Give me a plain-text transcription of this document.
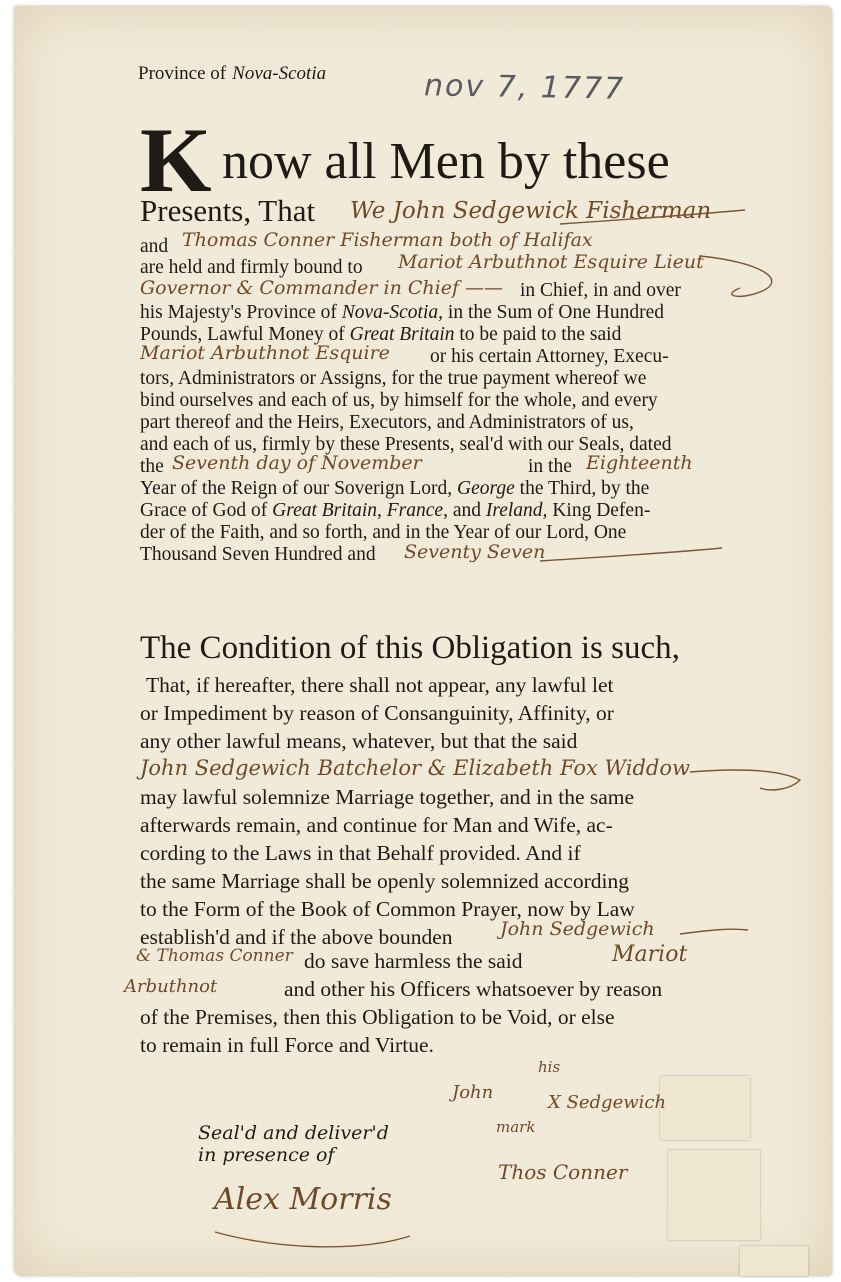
Province of Nova-Scotia	nov 7, 1777
K now all Men by these
Presents, That We John Sedgewick Fisherman
and Thomas Conner Fisherman both of Halifax
are held and firmly bound to Mariot Arbuthnot Esquire Lieut
Governor & Commander in Chief —— in Chief, in and over
his Majesty's Province of Nova-Scotia, in the Sum of One Hundred
Pounds, Lawful Money of Great Britain to be paid to the said
Mariot Arbuthnot Esquire or his certain Attorney, Execu-
tors, Administrators or Assigns, for the true payment whereof we
bind ourselves and each of us, by himself for the whole, and every
part thereof and the Heirs, Executors, and Administrators of us,
and each of us, firmly by these Presents, seal'd with our Seals, dated
the Seventh day of November	in the Eighteenth
Year of the Reign of our Soverign Lord, George the Third, by the
Grace of God of Great Britain, France, and Ireland, King Defen-
der of the Faith, and so forth, and in the Year of our Lord, One
Thousand Seven Hundred and Seventy Seven
The Condition of this Obligation is such,
That, if hereafter, there shall not appear, any lawful let
or Impediment by reason of Consanguinity, Affinity, or
any other lawful means, whatever, but that the said
John Sedgewich Batchelor & Elizabeth Fox Widdow
may lawful solemnize Marriage together, and in the same
afterwards remain, and continue for Man and Wife, ac-
cording to the Laws in that Behalf provided. And if
the same Marriage shall be openly solemnized according
to the Form of the Book of Common Prayer, now by Law
establish'd and if the above bounden John Sedgewich
& Thomas Conner do save harmless the said	Mariot
Arbuthnot	and other his Officers whatsoever by reason
of the Premises, then this Obligation to be Void, or else
to remain in full Force and Virtue.
Seal'd and deliver'd
in presence of
Alex Morris
his
John	X Sedgewich
mark
Thos Conner
